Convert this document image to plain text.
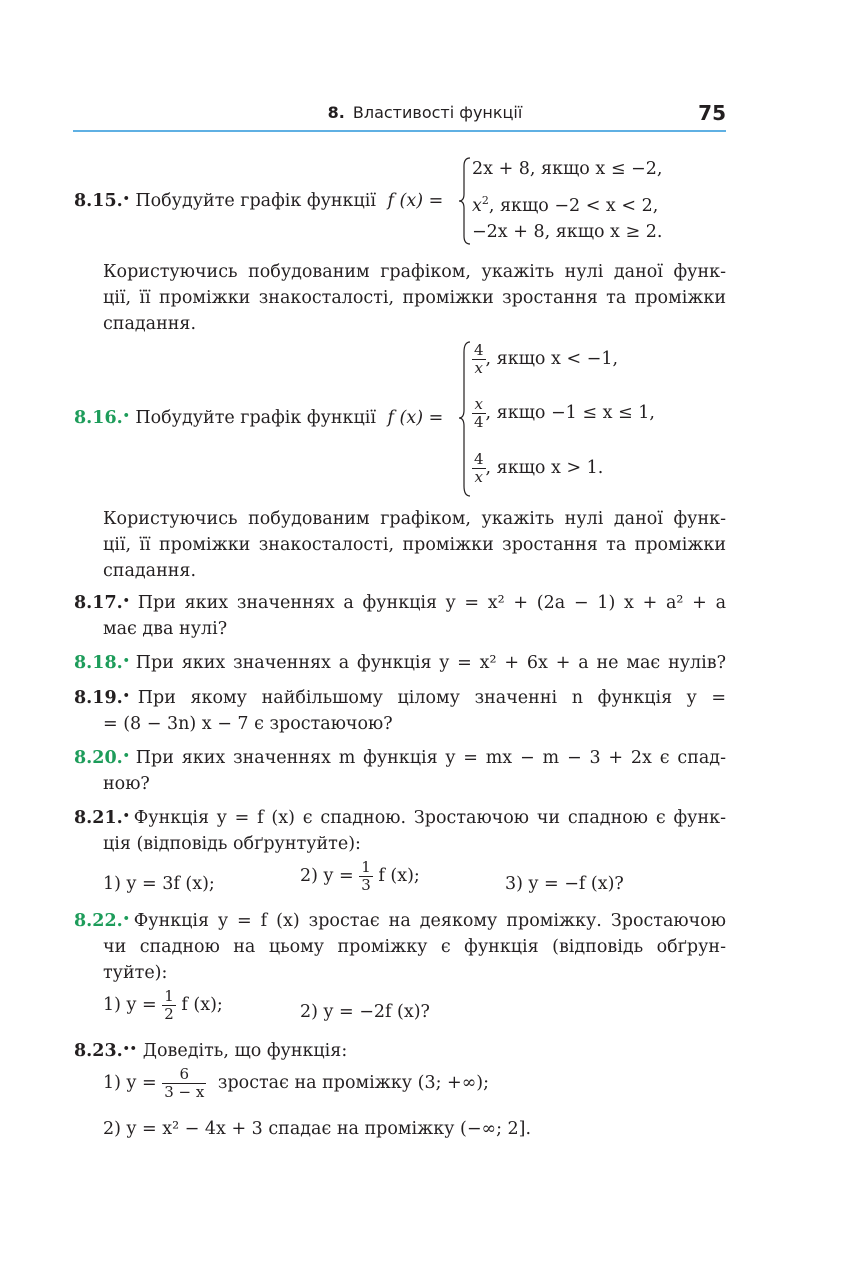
8. Властивості функції	75
8.15.• Побудуйте графік функції f (x) =
2x + 8, якщо x ≤ −2,
$x^2$, якщо −2 < x < 2,
−2x + 8, якщо x ≥ 2.
Користуючись побудованим графіком, укажіть нулі даної функ-
ції, її проміжки знакосталості, проміжки зростання та проміжки
спадання.
8.16.• Побудуйте графік функції f (x) =
$\frac{4}{x}$ , якщо x < −1,
$\frac{x}{4}$ , якщо −1 ≤ x ≤ 1,
$\frac{4}{x}$ , якщо x > 1.
Користуючись побудованим графіком, укажіть нулі даної функ-
ції, її проміжки знакосталості, проміжки зростання та проміжки
спадання.
8.17.• При яких значеннях a функція y = x² + (2a − 1) x + a² + a
має два нулі?
8.18.• При яких значеннях a функція y = x² + 6x + a не має нулів?
8.19.• При якому найбільшому цілому значенні n функція y =
= (8 − 3n) x − 7 є зростаючою?
8.20.• При яких значеннях m функція y = mx − m − 3 + 2x є спад-
ною?
8.21.• Функція y = f (x) є спадною. Зростаючою чи спадною є функ-
ція (відповідь обґрунтуйте):
1) y = 3f (x);	2) $y = \frac{1}{3}$ f (x);	3) y = −f (x)?
8.22.• Функція y = f (x) зростає на деякому проміжку. Зростаючою
чи спадною на цьому проміжку є функція (відповідь обґрун-
туйте):
1) $y = \frac{1}{2}$ f (x);	2) y = −2f (x)?
8.23.•• Доведіть, що функція:
1) $y = \frac{6}{3 - x}$ зростає на проміжку (3; +∞);
2) y = x² − 4x + 3 спадає на проміжку (−∞; 2].
